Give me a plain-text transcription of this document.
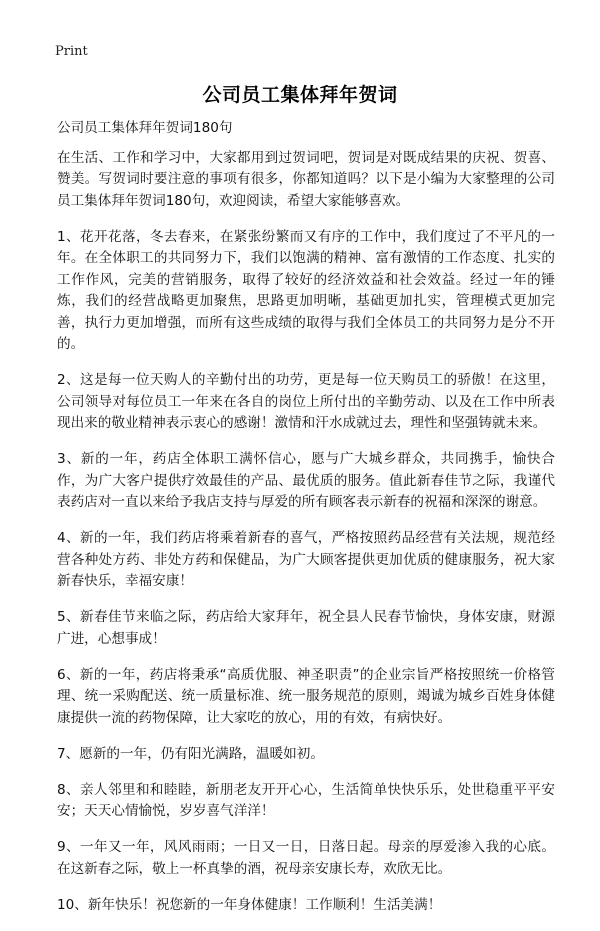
Print
公司员工集体拜年贺词

公司员工集体拜年贺词180句

在生活、工作和学习中，大家都用到过贺词吧，贺词是对既成结果的庆祝、贺喜、赞美。写贺词时要注意的事项有很多，你都知道吗？以下是小编为大家整理的公司员工集体拜年贺词180句，欢迎阅读，希望大家能够喜欢。

1、花开花落，冬去春来，在紧张纷繁而又有序的工作中，我们度过了不平凡的一年。在全体职工的共同努力下，我们以饱满的精神、富有激情的工作态度、扎实的工作作风，完美的营销服务，取得了较好的经济效益和社会效益。经过一年的锤炼，我们的经营战略更加聚焦，思路更加明晰，基础更加扎实，管理模式更加完善，执行力更加增强，而所有这些成绩的取得与我们全体员工的共同努力是分不开的。

2、这是每一位天购人的辛勤付出的功劳，更是每一位天购员工的骄傲！在这里，公司领导对每位员工一年来在各自的岗位上所付出的辛勤劳动、以及在工作中所表现出来的敬业精神表示衷心的感谢！激情和汗水成就过去，理性和坚强铸就未来。

3、新的一年，药店全体职工满怀信心，愿与广大城乡群众，共同携手，愉快合作，为广大客户提供疗效最佳的产品、最优质的服务。值此新春佳节之际，我谨代表药店对一直以来给予我店支持与厚爱的所有顾客表示新春的祝福和深深的谢意。

4、新的一年，我们药店将乘着新春的喜气，严格按照药品经营有关法规，规范经营各种处方药、非处方药和保健品，为广大顾客提供更加优质的健康服务，祝大家新春快乐，幸福安康！

5、新春佳节来临之际，药店给大家拜年，祝全县人民春节愉快，身体安康，财源广进，心想事成！

6、新的一年，药店将秉承“高质优服、神圣职责”的企业宗旨严格按照统一价格管理、统一采购配送、统一质量标准、统一服务规范的原则，竭诚为城乡百姓身体健康提供一流的药物保障，让大家吃的放心，用的有效，有病快好。

7、愿新的一年，仍有阳光满路，温暖如初。

8、亲人邻里和和睦睦，新朋老友开开心心，生活简单快快乐乐，处世稳重平平安安；天天心情愉悦，岁岁喜气洋洋！

9、一年又一年，风风雨雨；一日又一日，日落日起。母亲的厚爱渗入我的心底。在这新春之际，敬上一杯真挚的酒，祝母亲安康长寿，欢欣无比。

10、新年快乐！祝您新的一年身体健康！工作顺利！生活美满！
